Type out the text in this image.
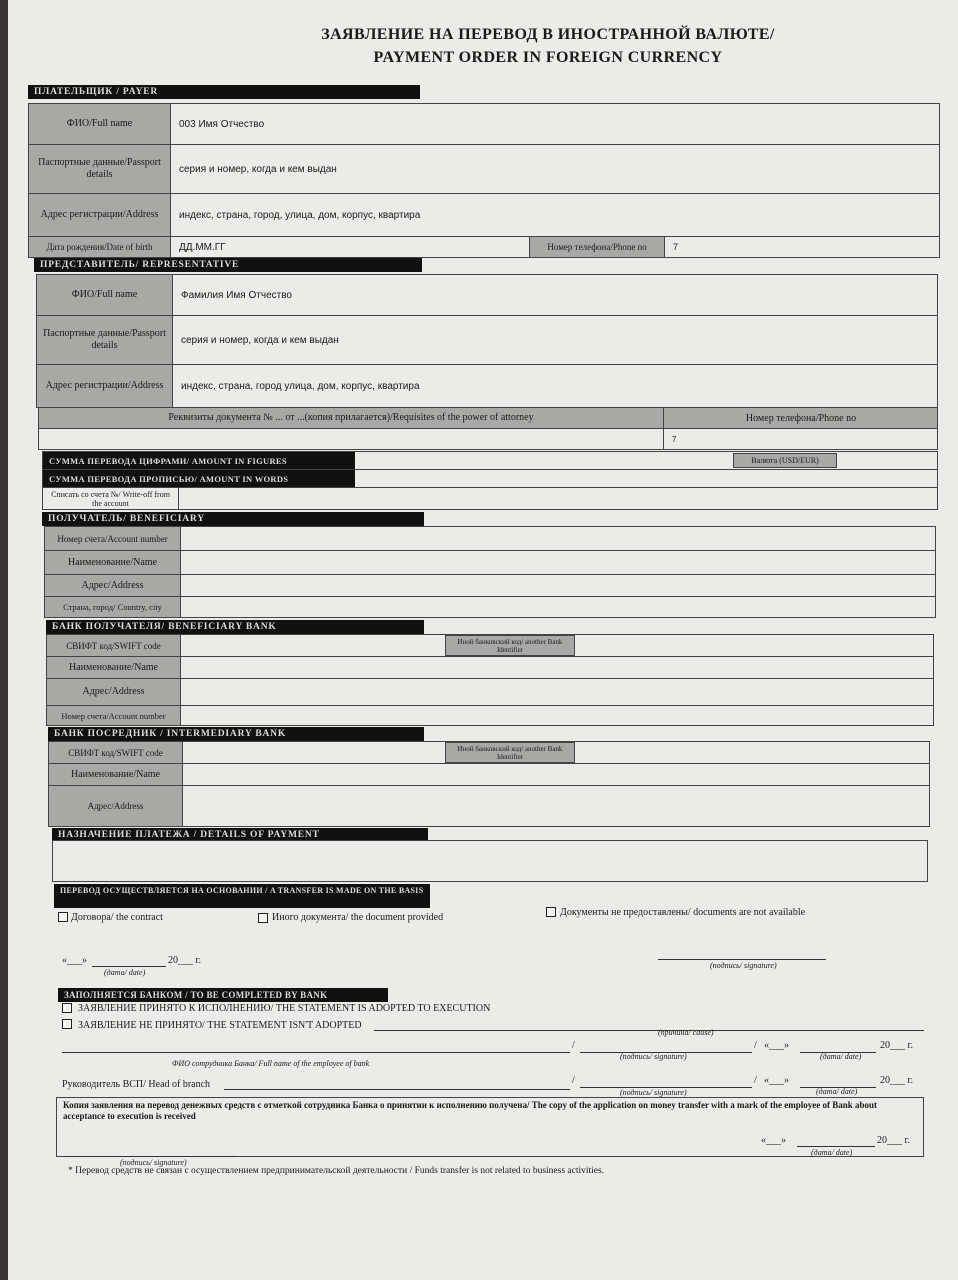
ЗАЯВЛЕНИЕ НА ПЕРЕВОД В ИНОСТРАННОЙ ВАЛЮТЕ/
PAYMENT ORDER IN FOREIGN CURRENCY
ПЛАТЕЛЬЩИК / PAYER
ФИО/Full name	003 Имя Отчество
Паспортные данные/Passport details	серия и номер, когда и кем выдан
Адрес регистрации/Address	индекс, страна, город, улица, дом, корпус, квартира
Дата рождения/Date of birth	ДД.ММ.ГГ	Номер телефона/Phone no	7
ПРЕДСТАВИТЕЛЬ/ REPRESENTATIVE
ФИО/Full name	Фамилия Имя Отчество
Паспортные данные/Passport details	серия и номер, когда и кем выдан
Адрес регистрации/Address	индекс, страна, город улица, дом, корпус, квартира
Реквизиты документа № ... от ...(копия прилагается)/Requisites of the power of attorney	Номер телефона/Phone no
7
СУММА ПЕРЕВОДА ЦИФРАМИ/ AMOUNT IN FIGURES	Валюта (USD/EUR)
СУММА ПЕРЕВОДА ПРОПИСЬЮ/ AMOUNT IN WORDS
Списать со счета №/ Write-off from the account
ПОЛУЧАТЕЛЬ/ BENEFICIARY
Номер счета/Account number
Наименование/Name
Адрес/Address
Страна, город/ Country, city
БАНК ПОЛУЧАТЕЛЯ/ BENEFICIARY BANK
СВИФТ код/SWIFT code	Иной банковский код/ another Bank Identifier
Наименование/Name
Адрес/Address
Номер счета/Account number
БАНК ПОСРЕДНИК / INTERMEDIARY BANK
СВИФТ код/SWIFT code	Иной банковский код/ another Bank Identifier
Наименование/Name
Адрес/Address
НАЗНАЧЕНИЕ ПЛАТЕЖА / DETAILS OF PAYMENT
ПЕРЕВОД ОСУЩЕСТВЛЯЕТСЯ НА ОСНОВАНИИ / A TRANSFER IS MADE ON THE BASIS
Договора/ the contract	Иного документа/ the document provided	Документы не предоставлены/ documents are not available
«___»	20___ г.
(дата/ date)
(подпись/ signature)
ЗАПОЛНЯЕТСЯ БАНКОМ / TO BE COMPLETED BY BANK
ЗАЯВЛЕНИЕ ПРИНЯТО К ИСПОЛНЕНИЮ/ THE STATEMENT IS ADOPTED TO EXECUTION
ЗАЯВЛЕНИЕ НЕ ПРИНЯТО/ THE STATEMENT ISN'T ADOPTED
(причина/ cause)
/	/ «___»	20___ г.
ФИО сотрудника Банка/ Full name of the employee of bank
(подпись/ signature)	(дата/ date)
Руководитель ВСП/ Head of branch	/	/ «___»	20___ г.
(подпись/ signature)	(дата/ date)
Копия заявления на перевод денежных средств с отметкой сотрудника Банка о принятии к исполнению получена/ The copy of the application on money transfer with a mark of the employee of Bank about acceptance to execution is received
«___»	20___ г.
(дата/ date)
(подпись/ signature)
* Перевод средств не связан с осуществлением предпринимательской деятельности / Funds transfer is not related to business activities.
